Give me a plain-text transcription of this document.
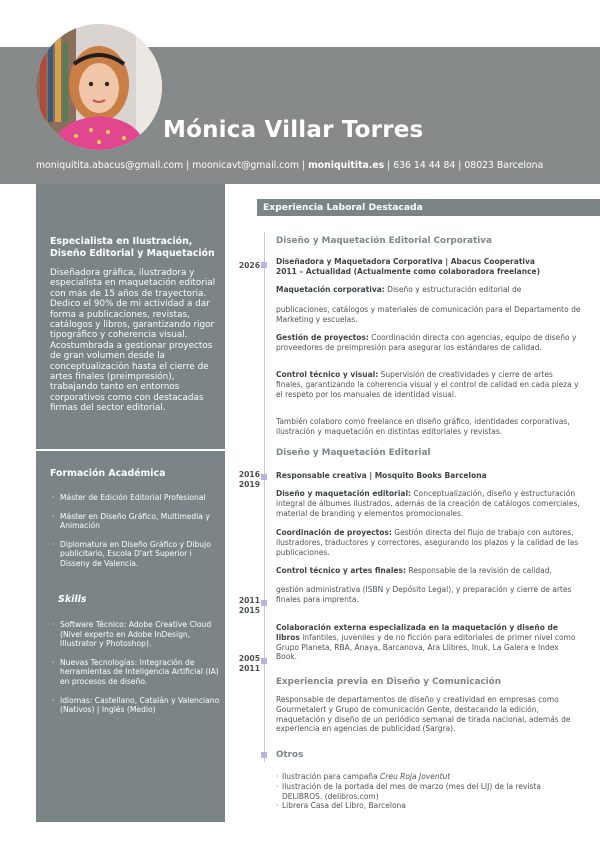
Mónica Villar Torres
moniquitita.abacus@gmail.com | moonicavt@gmail.com | moniquitita.es | 636 14 44 84 | 08023 Barcelona
Especialista en Ilustración,
Diseño Editorial y Maquetación
Diseñadora gráfica, ilustradora y especialista en maquetación editorial con más de 15 años de trayectoria. Dedico el 90% de mi actividad a dar forma a publicaciones, revistas, catálogos y libros, garantizando rigor tipográfico y coherencia visual. Acostumbrada a gestionar proyectos de gran volumen desde la conceptualización hasta el cierre de artes finales (preimpresión), trabajando tanto en entornos corporativos como con destacadas firmas del sector editorial.
Formación Académica
· Máster de Edición Editorial Profesional
· Máster en Diseño Gráfico, Multimedia y Animación
· Diplomatura en Diseño Gráfico y Dibujo publicitario, Escola D'art Superior i Disseny de Valencia.
Skills
· Software Técnico: Adobe Creative Cloud (Nivel experto en Adobe InDesign, Illustrator y Photoshop).
· Nuevas Tecnologías: Integración de herramientas de Inteligencia Artificial (IA) en procesos de diseño.
· Idiomas: Castellano, Catalán y Valenciano (Nativos) | Inglés (Medio)
Experiencia Laboral Destacada
2026
2016
2019
2011
2015
2005
2011
Diseño y Maquetación Editorial Corporativa
Diseñadora y Maquetadora Corporativa | Abacus Cooperativa
2011 – Actualidad (Actualmente como colaboradora freelance)
Maquetación corporativa: Diseño y estructuración editorial de
publicaciones, catálogos y materiales de comunicación para el Departamento de Marketing y escuelas.
Gestión de proyectos: Coordinación directa con agencias, equipo de diseño y proveedores de preimpresión para asegurar los estándares de calidad.
Control técnico y visual: Supervisión de creatividades y cierre de artes finales, garantizando la coherencia visual y el control de calidad en cada pieza y el respeto por los manuales de identidad visual.
También colaboro como freelance en diseño gráfico, identidades corporativas, ilustración y maquetación en distintas editoriales y revistas.
Diseño y Maquetación Editorial
Responsable creativa | Mosquito Books Barcelona
Diseño y maquetación editorial: Conceptualización, diseño y estructuración integral de álbumes ilustrados, además de la creación de catálogos comerciales, material de branding y elementos promocionales.
Coordinación de proyectos: Gestión directa del flujo de trabajo con autores, ilustradores, traductores y correctores, asegurando los plazos y la calidad de las publicaciones.
Control técnico y artes finales: Responsable de la revisión de calidad,
gestión administrativa (ISBN y Depósito Legal), y preparación y cierre de artes finales para imprenta.
Colaboración externa especializada en la maquetación y diseño de libros infantiles, juveniles y de no ficción para editoriales de primer nivel como Grupo Planeta, RBA, Anaya, Barcanova, Ara Llibres, Inuk, La Galera e Index Book.
Experiencia previa en Diseño y Comunicación
Responsable de departamentos de diseño y creatividad en empresas como Gourmetalert y Grupo de comunicación Gente, destacando la edición, maquetación y diseño de un periódico semanal de tirada nacional, además de experiencia en agencias de publicidad (Sargra).
Otros
· Ilustración para campaña Creu Roja Joventut
· Ilustración de la portada del mes de marzo (mes del LIJ) de la revista DELIBROS. (delibros.com)
· Librera Casa del Libro, Barcelona
